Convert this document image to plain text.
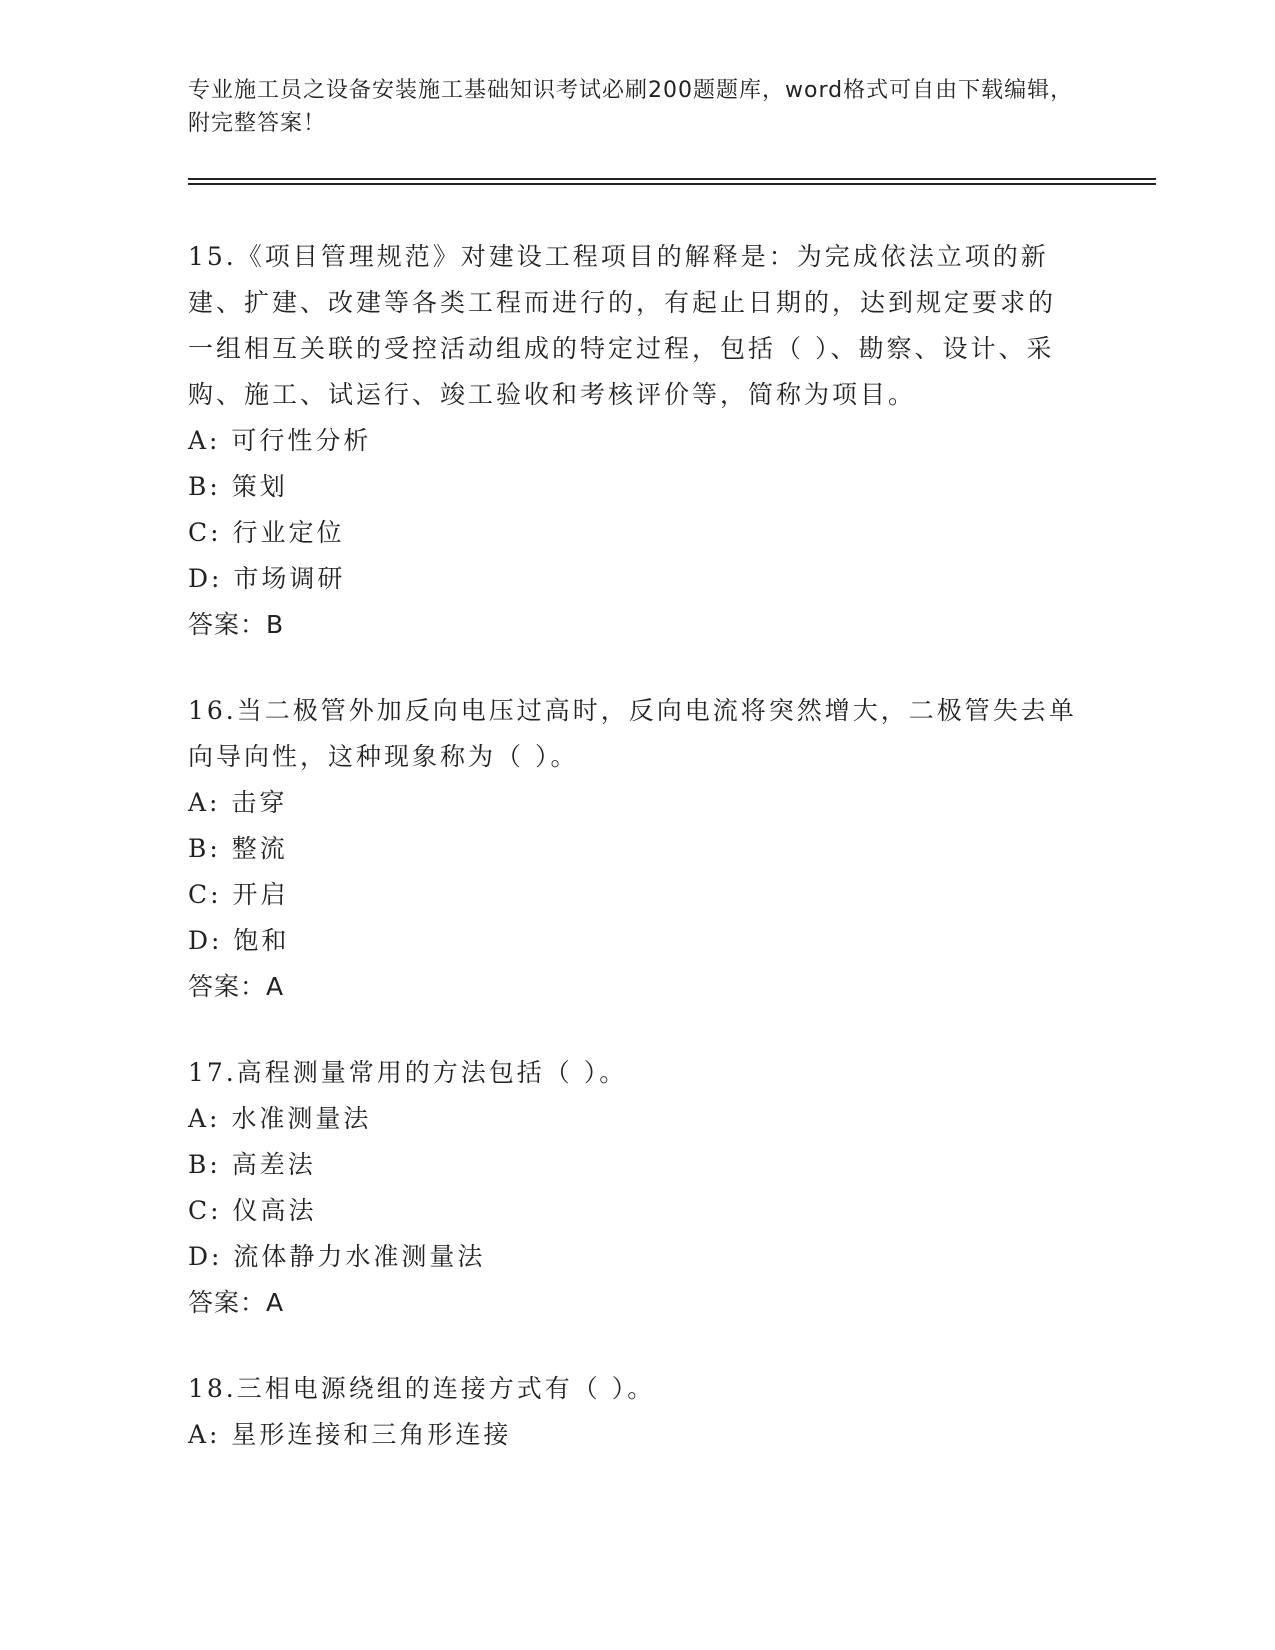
专业施工员之设备安装施工基础知识考试必刷200题题库，word格式可自由下载编辑，附完整答案！
15.《项目管理规范》对建设工程项目的解释是：为完成依法立项的新建、扩建、改建等各类工程而进行的，有起止日期的，达到规定要求的一组相互关联的受控活动组成的特定过程，包括（ ）、勘察、设计、采购、施工、试运行、竣工验收和考核评价等，简称为项目。
A: 可行性分析
B: 策划
C: 行业定位
D: 市场调研
答案：B
16.当二极管外加反向电压过高时，反向电流将突然增大，二极管失去单向导向性，这种现象称为（ ）。
A: 击穿
B: 整流
C: 开启
D: 饱和
答案：A
17.高程测量常用的方法包括（ ）。
A: 水准测量法
B: 高差法
C: 仪高法
D: 流体静力水准测量法
答案：A
18.三相电源绕组的连接方式有（ ）。
A: 星形连接和三角形连接
